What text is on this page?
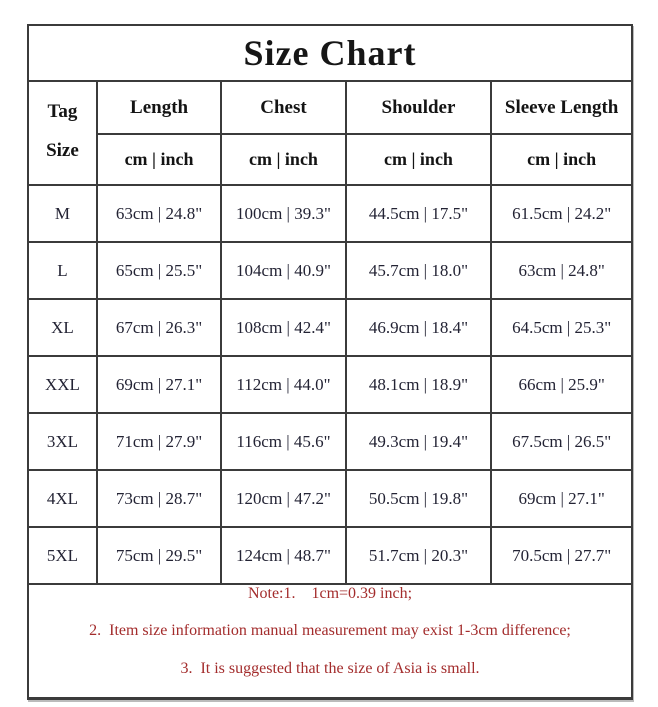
Size Chart				

Tag
Size	Length	Chest	Shoulder	Sleeve Length
	cm | inch	cm | inch	cm | inch	cm | inch
M	63cm | 24.8"	100cm | 39.3"	44.5cm | 17.5"	61.5cm | 24.2"
L	65cm | 25.5"	104cm | 40.9"	45.7cm | 18.0"	63cm | 24.8"
XL	67cm | 26.3"	108cm | 42.4"	46.9cm | 18.4"	64.5cm | 25.3"
XXL	69cm | 27.1"	112cm | 44.0"	48.1cm | 18.9"	66cm | 25.9"
3XL	71cm | 27.9"	116cm | 45.6"	49.3cm | 19.4"	67.5cm | 26.5"
4XL	73cm | 28.7"	120cm | 47.2"	50.5cm | 19.8"	69cm | 27.1"
5XL	75cm | 29.5"	124cm | 48.7"	51.7cm | 20.3"	70.5cm | 27.7"

Note:1.    1cm=0.39 inch;
2.  Item size information manual measurement may exist 1-3cm difference;
3.  It is suggested that the size of Asia is small.				
